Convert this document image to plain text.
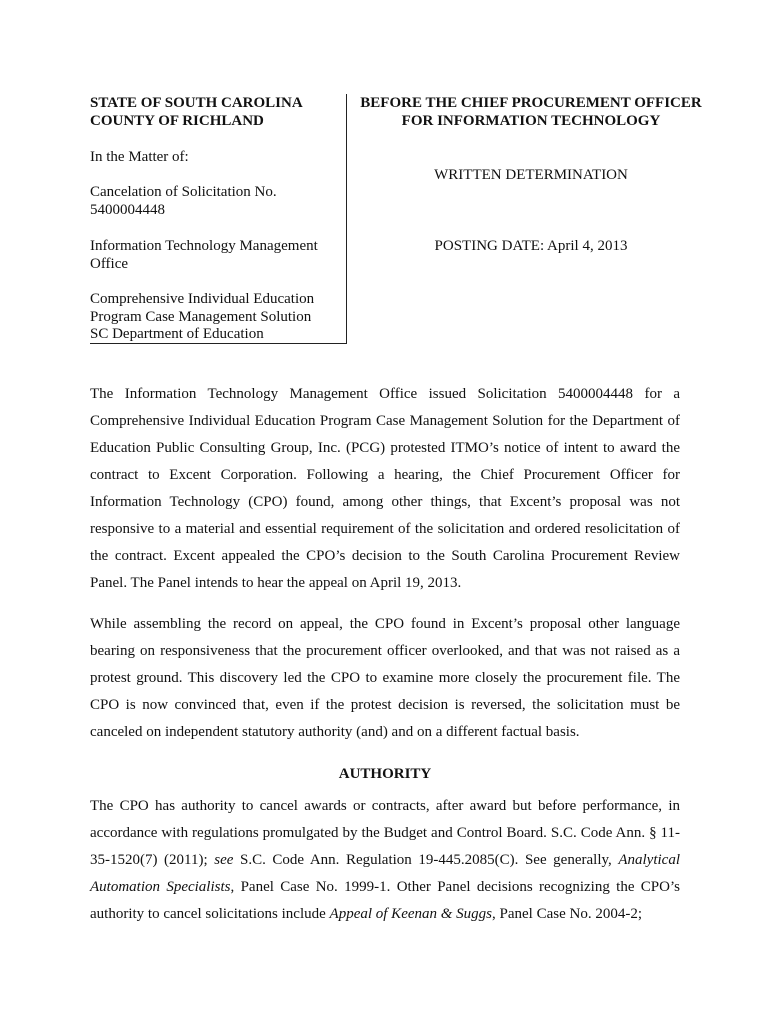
STATE OF SOUTH CAROLINA
COUNTY OF RICHLAND
In the Matter of:
Cancelation of Solicitation No.
5400004448
Information Technology Management
Office
Comprehensive Individual Education
Program Case Management Solution
SC Department of Education
BEFORE THE CHIEF PROCUREMENT OFFICER
FOR INFORMATION TECHNOLOGY
WRITTEN DETERMINATION
POSTING DATE: April 4, 2013

The Information Technology Management Office issued Solicitation 5400004448 for a Comprehensive Individual Education Program Case Management Solution for the Department of Education Public Consulting Group, Inc. (PCG) protested ITMO’s notice of intent to award the contract to Excent Corporation. Following a hearing, the Chief Procurement Officer for Information Technology (CPO) found, among other things, that Excent’s proposal was not responsive to a material and essential requirement of the solicitation and ordered resolicitation of the contract. Excent appealed the CPO’s decision to the South Carolina Procurement Review Panel. The Panel intends to hear the appeal on April 19, 2013.

While assembling the record on appeal, the CPO found in Excent’s proposal other language bearing on responsiveness that the procurement officer overlooked, and that was not raised as a protest ground. This discovery led the CPO to examine more closely the procurement file. The CPO is now convinced that, even if the protest decision is reversed, the solicitation must be canceled on independent statutory authority (and) and on a different factual basis.

AUTHORITY

The CPO has authority to cancel awards or contracts, after award but before performance, in accordance with regulations promulgated by the Budget and Control Board. S.C. Code Ann. § 11-35-1520(7) (2011); see S.C. Code Ann. Regulation 19-445.2085(C). See generally, Analytical Automation Specialists, Panel Case No. 1999-1. Other Panel decisions recognizing the CPO’s authority to cancel solicitations include Appeal of Keenan & Suggs, Panel Case No. 2004-2;
